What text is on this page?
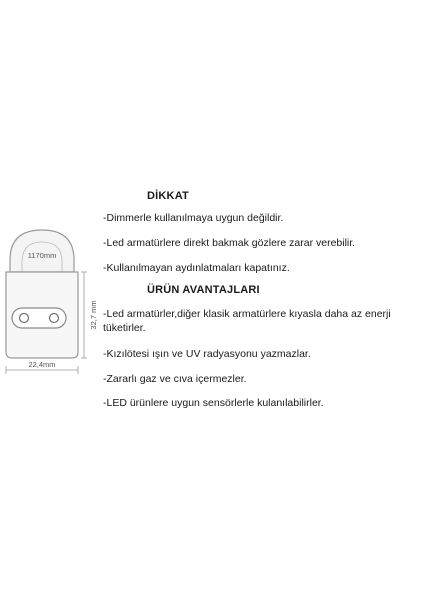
1170mm
32,7 mm
22,4mm
DİKKAT
-Dimmerle kullanılmaya uygun değildir.
-Led armatürlere direkt bakmak gözlere zarar verebilir.
-Kullanılmayan aydınlatmaları kapatınız.
ÜRÜN AVANTAJLARI
-Led armatürler,diğer klasik armatürlere kıyasla daha az enerji tüketirler.
-Kızılötesi ışın ve UV radyasyonu yazmazlar.
-Zararlı gaz ve cıva içermezler.
-LED ürünlere uygun sensörlerle kulanılabilirler.
